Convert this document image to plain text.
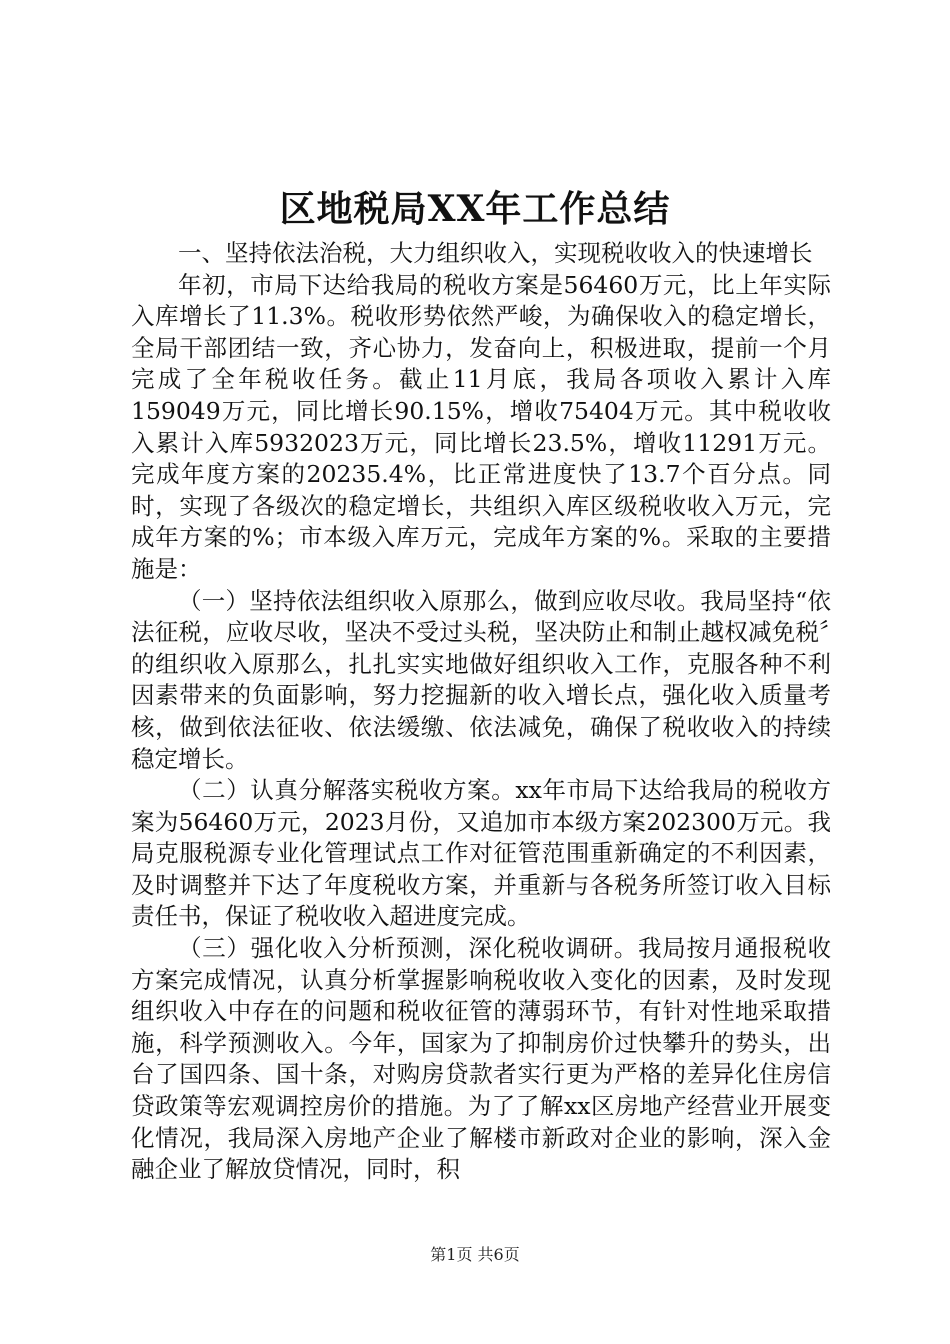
区地税局XX年工作总结

一、坚持依法治税，大力组织收入，实现税收收入的快速增长

年初，市局下达给我局的税收方案是56460万元，比上年实际入库增长了11.3%。税收形势依然严峻，为确保收入的稳定增长，全局干部团结一致，齐心协力，发奋向上，积极进取，提前一个月完成了全年税收任务。截止11月底，我局各项收入累计入库159049万元，同比增长90.15%，增收75404万元。其中税收收入累计入库5932023万元，同比增长23.5%，增收11291万元。完成年度方案的20235.4%，比正常进度快了13.7个百分点。同时，实现了各级次的稳定增长，共组织入库区级税收收入万元，完成年方案的%；市本级入库万元，完成年方案的%。采取的主要措施是：

（一）坚持依法组织收入原那么，做到应收尽收。我局坚持“依法征税，应收尽收，坚决不受过头税，坚决防止和制止越权减免税〞的组织收入原那么，扎扎实实地做好组织收入工作，克服各种不利因素带来的负面影响，努力挖掘新的收入增长点，强化收入质量考核，做到依法征收、依法缓缴、依法减免，确保了税收收入的持续稳定增长。

（二）认真分解落实税收方案。xx年市局下达给我局的税收方案为56460万元，2023月份，又追加市本级方案202300万元。我局克服税源专业化管理试点工作对征管范围重新确定的不利因素，及时调整并下达了年度税收方案，并重新与各税务所签订收入目标责任书，保证了税收收入超进度完成。

（三）强化收入分析预测，深化税收调研。我局按月通报税收方案完成情况，认真分析掌握影响税收收入变化的因素，及时发现组织收入中存在的问题和税收征管的薄弱环节，有针对性地采取措施，科学预测收入。今年，国家为了抑制房价过快攀升的势头，出台了国四条、国十条，对购房贷款者实行更为严格的差异化住房信贷政策等宏观调控房价的措施。为了了解xx区房地产经营业开展变化情况，我局深入房地产企业了解楼市新政对企业的影响，深入金融企业了解放贷情况，同时，积

第1页 共6页
